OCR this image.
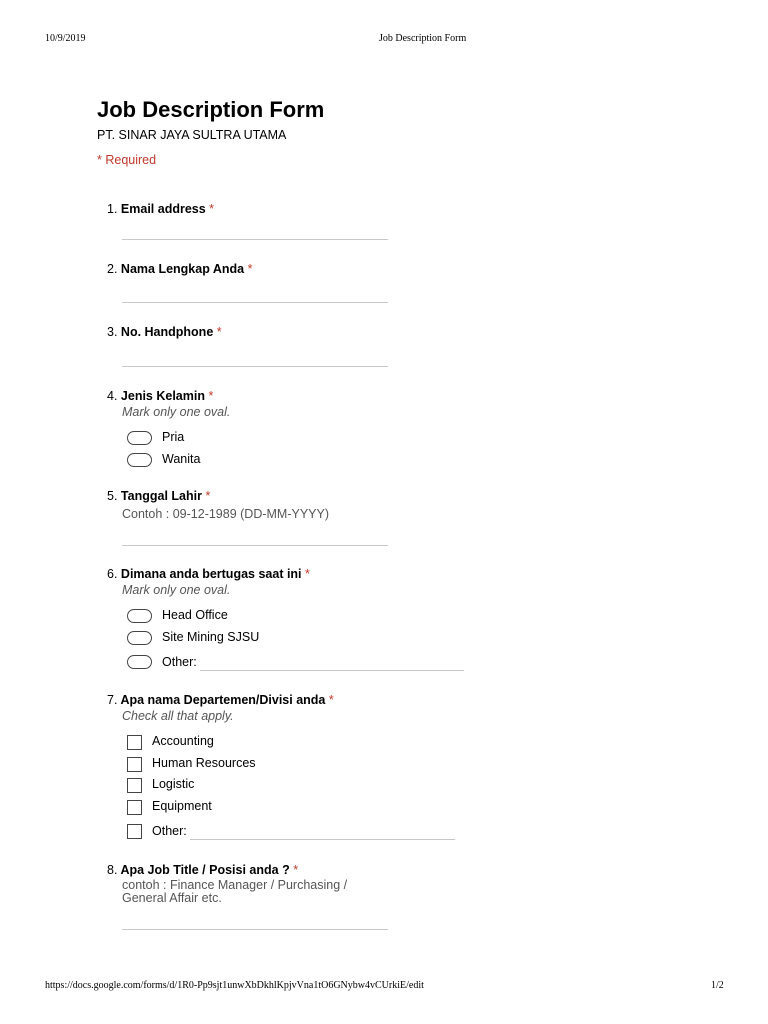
10/9/2019	Job Description Form
Job Description Form
PT. SINAR JAYA SULTRA UTAMA
* Required
1. Email address *
2. Nama Lengkap Anda *
3. No. Handphone *
4. Jenis Kelamin *
Mark only one oval.
Pria
Wanita
5. Tanggal Lahir *
Contoh : 09-12-1989 (DD-MM-YYYY)
6. Dimana anda bertugas saat ini *
Mark only one oval.
Head Office
Site Mining SJSU
Other:
7. Apa nama Departemen/Divisi anda *
Check all that apply.
Accounting
Human Resources
Logistic
Equipment
Other:
8. Apa Job Title / Posisi anda ? *
contoh : Finance Manager / Purchasing /
General Affair etc.
https://docs.google.com/forms/d/1R0-Pp9sjt1unwXbDkhlKpjvVna1tO6GNybw4vCUrkiE/edit	1/2
